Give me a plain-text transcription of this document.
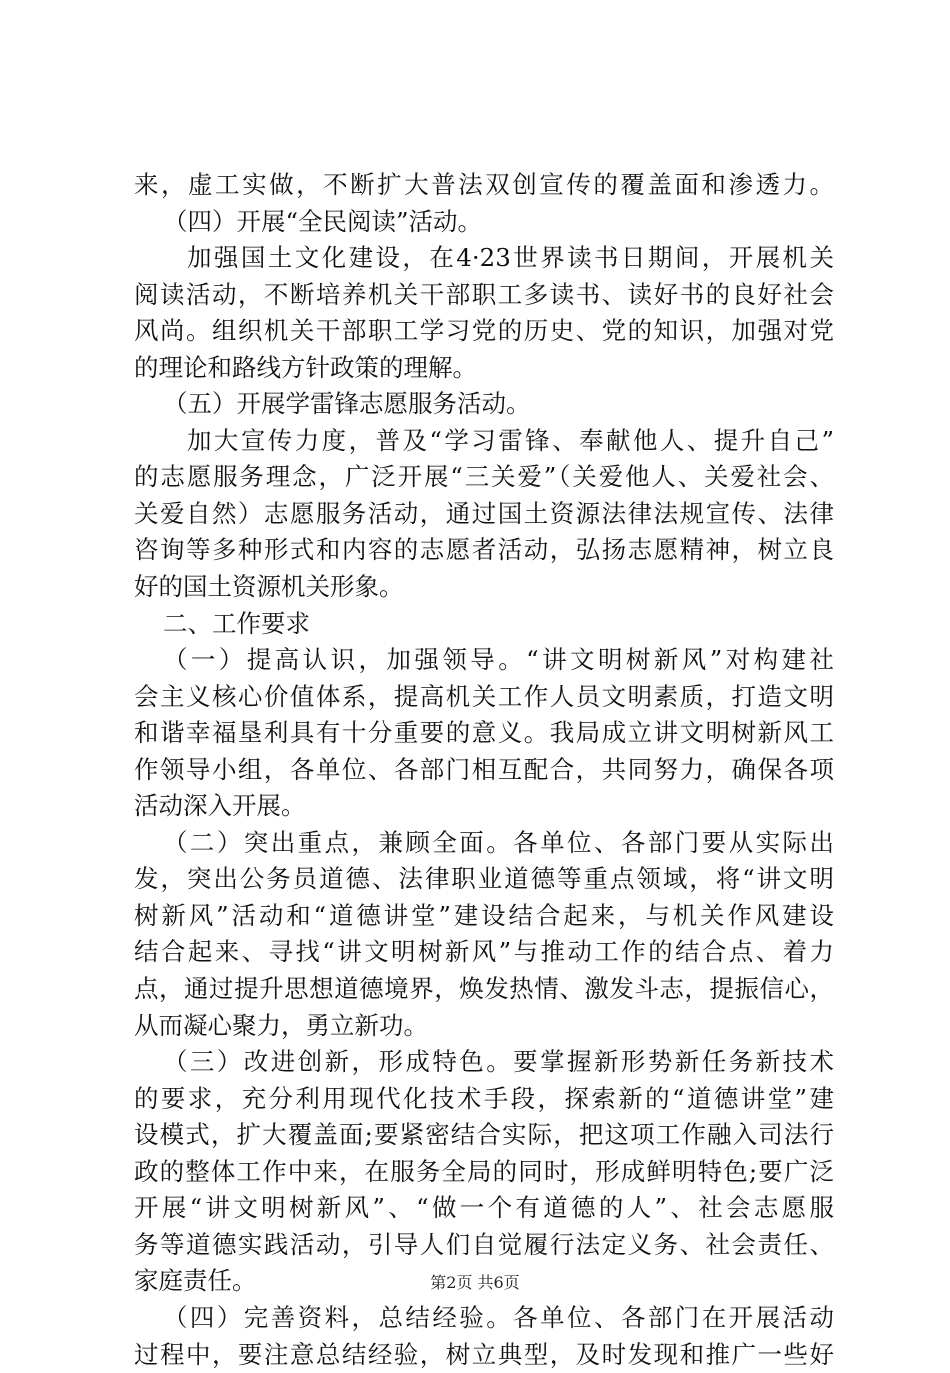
来，虚工实做，不断扩大普法双创宣传的覆盖面和渗透力。
（四）开展“全民阅读”活动。
加强国土文化建设，在4·23世界读书日期间，开展机关
阅读活动，不断培养机关干部职工多读书、读好书的良好社会
风尚。组织机关干部职工学习党的历史、党的知识，加强对党
的理论和路线方针政策的理解。
（五）开展学雷锋志愿服务活动。
加大宣传力度，普及“学习雷锋、奉献他人、提升自己”
的志愿服务理念，广泛开展“三关爱”（关爱他人、关爱社会、
关爱自然）志愿服务活动，通过国土资源法律法规宣传、法律
咨询等多种形式和内容的志愿者活动，弘扬志愿精神，树立良
好的国土资源机关形象。
二、工作要求
（一）提高认识，加强领导。“讲文明树新风”对构建社
会主义核心价值体系，提高机关工作人员文明素质，打造文明
和谐幸福垦利具有十分重要的意义。我局成立讲文明树新风工
作领导小组，各单位、各部门相互配合，共同努力，确保各项
活动深入开展。
（二）突出重点，兼顾全面。各单位、各部门要从实际出
发，突出公务员道德、法律职业道德等重点领域，将“讲文明
树新风”活动和“道德讲堂”建设结合起来，与机关作风建设
结合起来、寻找“讲文明树新风”与推动工作的结合点、着力
点，通过提升思想道德境界，焕发热情、激发斗志，提振信心，
从而凝心聚力，勇立新功。
（三）改进创新，形成特色。要掌握新形势新任务新技术
的要求，充分利用现代化技术手段，探索新的“道德讲堂”建
设模式，扩大覆盖面;要紧密结合实际，把这项工作融入司法行
政的整体工作中来，在服务全局的同时，形成鲜明特色;要广泛
开展“讲文明树新风”、“做一个有道德的人”、社会志愿服
务等道德实践活动，引导人们自觉履行法定义务、社会责任、
家庭责任。
（四）完善资料，总结经验。各单位、各部门在开展活动
过程中，要注意总结经验，树立典型，及时发现和推广一些好
第2页 共6页
